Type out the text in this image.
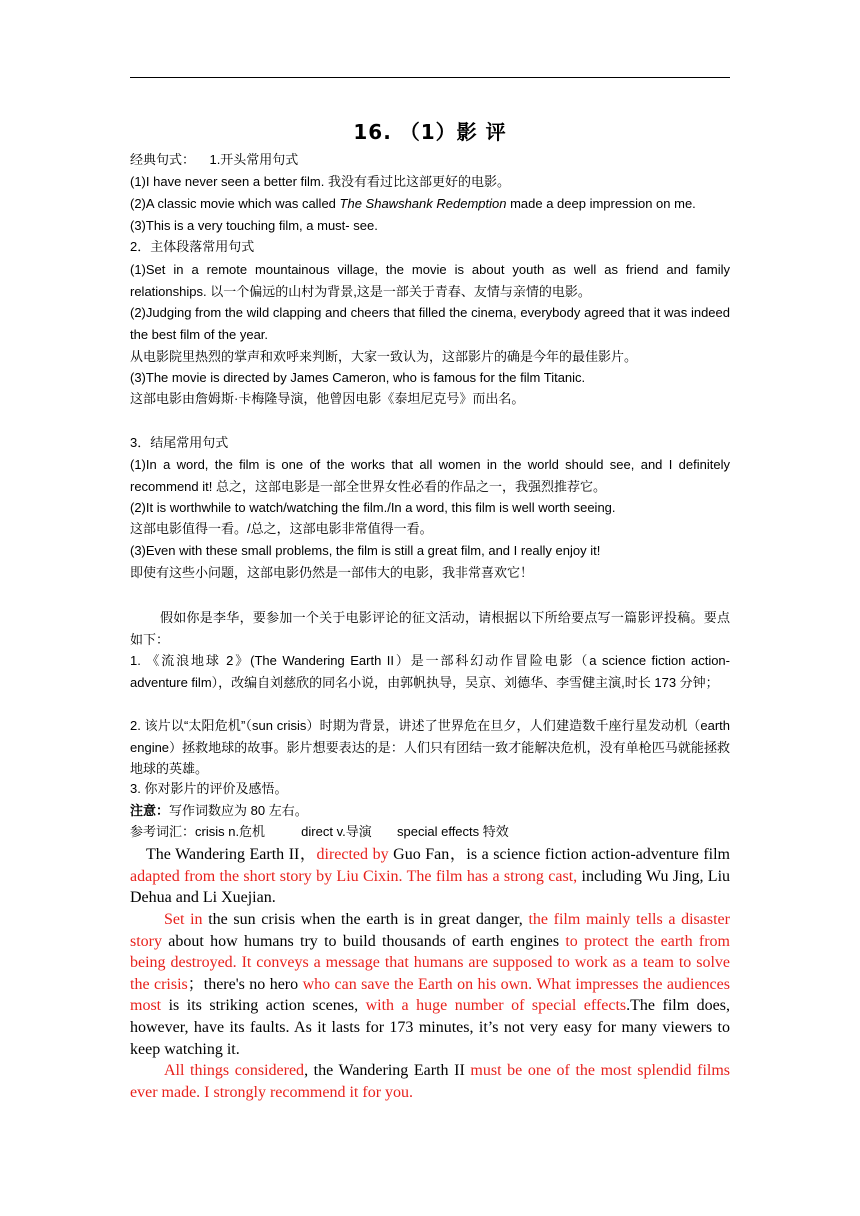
16. （1）影 评
经典句式： 1.开头常用句式
(1)I have never seen a better film. 我没有看过比这部更好的电影。
(2)A classic movie which was called The Shawshank Redemption made a deep impression on me.
(3)This is a very touching film, a must- see.
2．主体段落常用句式
(1)Set in a remote mountainous village, the movie is about youth as well as friend and family relationships. 以一个偏远的山村为背景,这是一部关于青春、友情与亲情的电影。
(2)Judging from the wild clapping and cheers that filled the cinema, everybody agreed that it was indeed the best film of the year.
从电影院里热烈的掌声和欢呼来判断，大家一致认为，这部影片的确是今年的最佳影片。
(3)The movie is directed by James Cameron, who is famous for the film Titanic.
这部电影由詹姆斯·卡梅隆导演，他曾因电影《泰坦尼克号》而出名。
3．结尾常用句式
(1)In a word, the film is one of the works that all women in the world should see, and I definitely recommend it! 总之，这部电影是一部全世界女性必看的作品之一，我强烈推荐它。
(2)It is worthwhile to watch/watching the film./In a word, this film is well worth seeing.
这部电影值得一看。/总之，这部电影非常值得一看。
(3)Even with these small problems, the film is still a great film, and I really enjoy it!
即使有这些小问题，这部电影仍然是一部伟大的电影，我非常喜欢它！
假如你是李华，要参加一个关于电影评论的征文活动，请根据以下所给要点写一篇影评投稿。要点如下：
1. 《流浪地球 2》(The Wandering Earth II）是一部科幻动作冒险电影（a science fiction action-adventure film），改编自刘慈欣的同名小说，由郭帆执导，吴京、刘德华、李雪健主演,时长 173 分钟；
2. 该片以“太阳危机”（sun crisis）时期为背景，讲述了世界危在旦夕，人们建造数千座行星发动机（earth engine）拯救地球的故事。影片想要表达的是：人们只有团结一致才能解决危机，没有单枪匹马就能拯救地球的英雄。
3. 你对影片的评价及感悟。
注意：写作词数应为 80 左右。
参考词汇：crisis n.危机          direct v.导演       special effects 特效
The Wandering Earth II，directed by Guo Fan，is a science fiction action-adventure film adapted from the short story by Liu Cixin. The film has a strong cast, including Wu Jing, Liu Dehua and Li Xuejian.
Set in the sun crisis when the earth is in great danger, the film mainly tells a disaster story about how humans try to build thousands of earth engines to protect the earth from being destroyed. It conveys a message that humans are supposed to work as a team to solve the crisis；there's no hero who can save the Earth on his own. What impresses the audiences most is its striking action scenes, with a huge number of special effects.The film does, however, have its faults. As it lasts for 173 minutes, it’s not very easy for many viewers to keep watching it.
All things considered, the Wandering Earth II must be one of the most splendid films ever made. I strongly recommend it for you.
